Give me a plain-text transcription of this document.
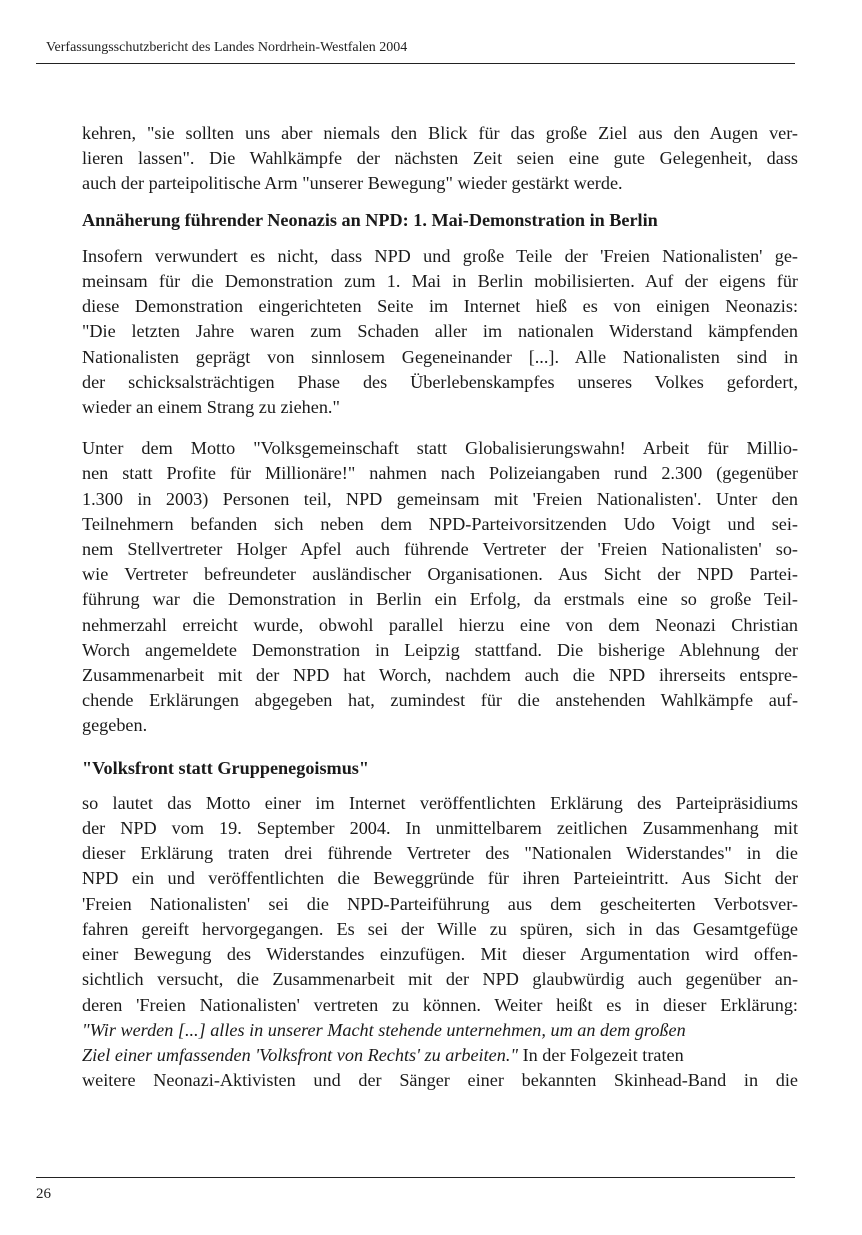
Verfassungsschutzbericht des Landes Nordrhein-Westfalen 2004
kehren, "sie sollten uns aber niemals den Blick für das große Ziel aus den Augen ver-
lieren lassen". Die Wahlkämpfe der nächsten Zeit seien eine gute Gelegenheit, dass
auch der parteipolitische Arm "unserer Bewegung" wieder gestärkt werde.
Annäherung führender Neonazis an NPD: 1. Mai-Demonstration in Berlin
Insofern verwundert es nicht, dass NPD und große Teile der 'Freien Nationalisten' ge-
meinsam für die Demonstration zum 1. Mai in Berlin mobilisierten. Auf der eigens für
diese Demonstration eingerichteten Seite im Internet hieß es von einigen Neonazis:
"Die letzten Jahre waren zum Schaden aller im nationalen Widerstand kämpfenden
Nationalisten geprägt von sinnlosem Gegeneinander [...]. Alle Nationalisten sind in
der schicksalsträchtigen Phase des Überlebenskampfes unseres Volkes gefordert,
wieder an einem Strang zu ziehen."
Unter dem Motto "Volksgemeinschaft statt Globalisierungswahn! Arbeit für Millio-
nen statt Profite für Millionäre!" nahmen nach Polizeiangaben rund 2.300 (gegenüber
1.300 in 2003) Personen teil, NPD gemeinsam mit 'Freien Nationalisten'. Unter den
Teilnehmern befanden sich neben dem NPD-Parteivorsitzenden Udo Voigt und sei-
nem Stellvertreter Holger Apfel auch führende Vertreter der 'Freien Nationalisten' so-
wie Vertreter befreundeter ausländischer Organisationen. Aus Sicht der NPD Partei-
führung war die Demonstration in Berlin ein Erfolg, da erstmals eine so große Teil-
nehmerzahl erreicht wurde, obwohl parallel hierzu eine von dem Neonazi Christian
Worch angemeldete Demonstration in Leipzig stattfand. Die bisherige Ablehnung der
Zusammenarbeit mit der NPD hat Worch, nachdem auch die NPD ihrerseits entspre-
chende Erklärungen abgegeben hat, zumindest für die anstehenden Wahlkämpfe auf-
gegeben.
"Volksfront statt Gruppenegoismus"
so lautet das Motto einer im Internet veröffentlichten Erklärung des Parteipräsidiums
der NPD vom 19. September 2004. In unmittelbarem zeitlichen Zusammenhang mit
dieser Erklärung traten drei führende Vertreter des "Nationalen Widerstandes" in die
NPD ein und veröffentlichten die Beweggründe für ihren Parteieintritt. Aus Sicht der
'Freien Nationalisten' sei die NPD-Parteiführung aus dem gescheiterten Verbotsver-
fahren gereift hervorgegangen. Es sei der Wille zu spüren, sich in das Gesamtgefüge
einer Bewegung des Widerstandes einzufügen. Mit dieser Argumentation wird offen-
sichtlich versucht, die Zusammenarbeit mit der NPD glaubwürdig auch gegenüber an-
deren 'Freien Nationalisten' vertreten zu können. Weiter heißt es in dieser Erklärung:
"Wir werden [...] alles in unserer Macht stehende unternehmen, um an dem großen
Ziel einer umfassenden 'Volksfront von Rechts' zu arbeiten." In der Folgezeit traten
weitere Neonazi-Aktivisten und der Sänger einer bekannten Skinhead-Band in die
26
